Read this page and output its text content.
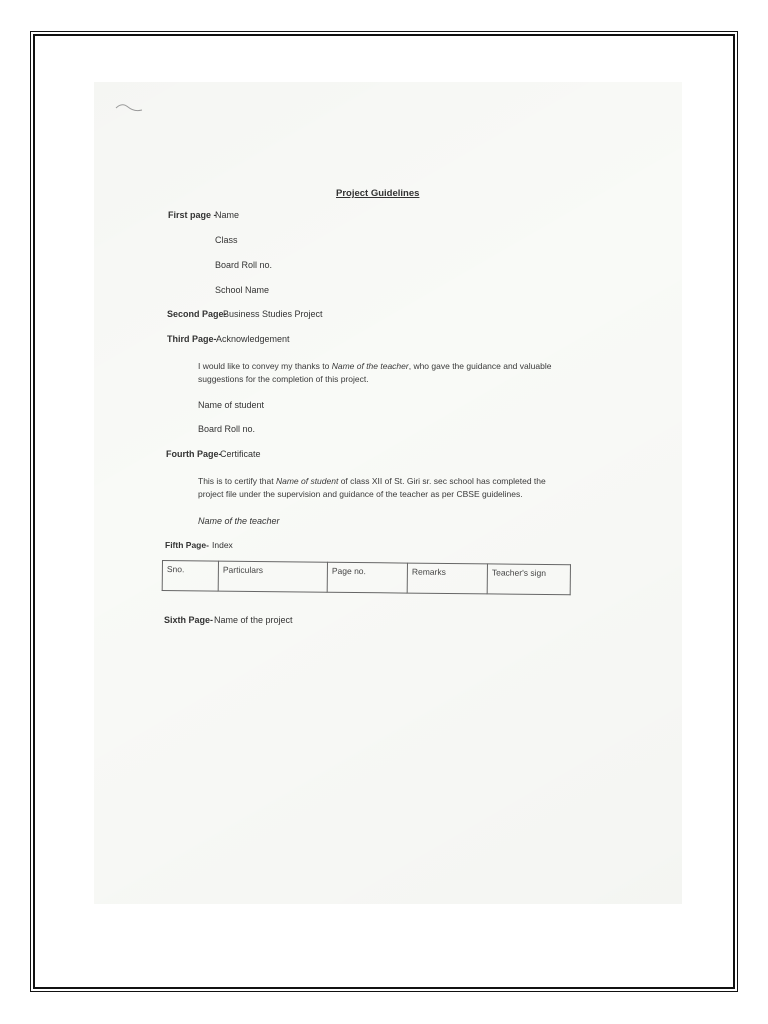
Project Guidelines
First page -
Name
Class
Board Roll no.
School Name
Second Page-
Business Studies Project
Third Page- Acknowledgement
I would like to convey my thanks to Name of the teacher, who gave the guidance and valuable suggestions for the completion of this project.
Name of student
Board Roll no.
Fourth Page-
Certificate
This is to certify that Name of student of class XII of St. Giri sr. sec school has completed the project file under the supervision and guidance of the teacher as per CBSE guidelines.
Name of the teacher
Fifth Page- Index
Sno.	Particulars	Page no.	Remarks	Teacher's sign
Sixth Page- Name of the project
